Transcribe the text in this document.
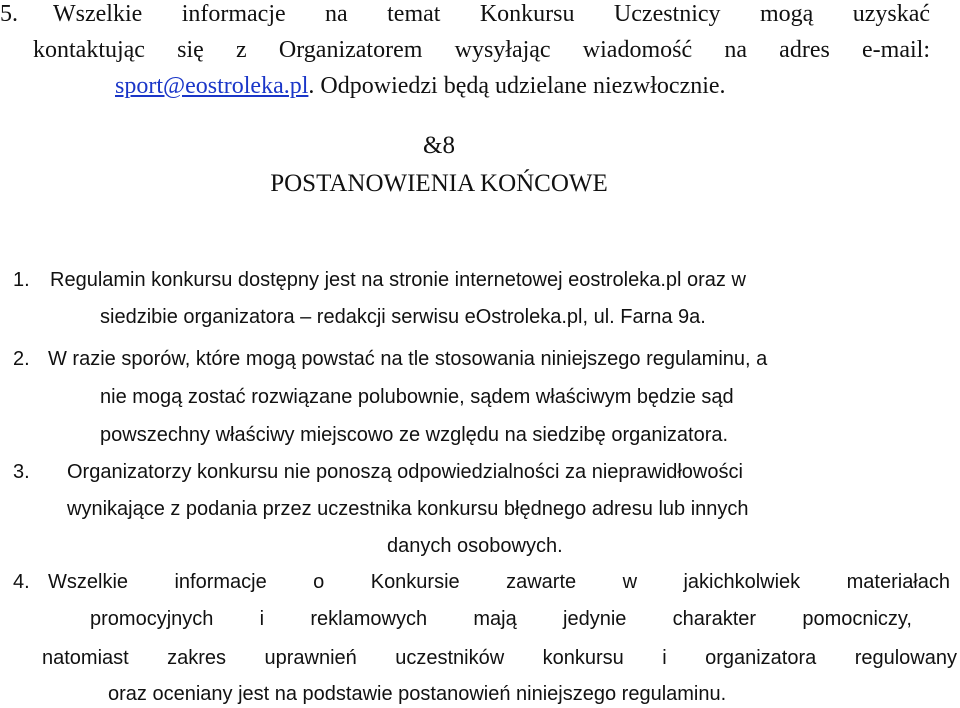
5. Wszelkie informacje na temat Konkursu Uczestnicy mogą uzyskać
kontaktując się z Organizatorem wysyłając wiadomość na adres e-mail:
sport@eostroleka.pl. Odpowiedzi będą udzielane niezwłocznie.
&8
POSTANOWIENIA KOŃCOWE
1. Regulamin konkursu dostępny jest na stronie internetowej eostroleka.pl oraz w
siedzibie organizatora – redakcji serwisu eOstroleka.pl, ul. Farna 9a.
2. W razie sporów, które mogą powstać na tle stosowania niniejszego regulaminu, a
nie mogą zostać rozwiązane polubownie, sądem właściwym będzie sąd
powszechny właściwy miejscowo ze względu na siedzibę organizatora.
3. Organizatorzy konkursu nie ponoszą odpowiedzialności za nieprawidłowości
wynikające z podania przez uczestnika konkursu błędnego adresu lub innych
danych osobowych.
4. Wszelkie informacje o Konkursie zawarte w jakichkolwiek materiałach
promocyjnych i reklamowych mają jedynie charakter pomocniczy,
natomiast zakres uprawnień uczestników konkursu i organizatora regulowany
oraz oceniany jest na podstawie postanowień niniejszego regulaminu.
